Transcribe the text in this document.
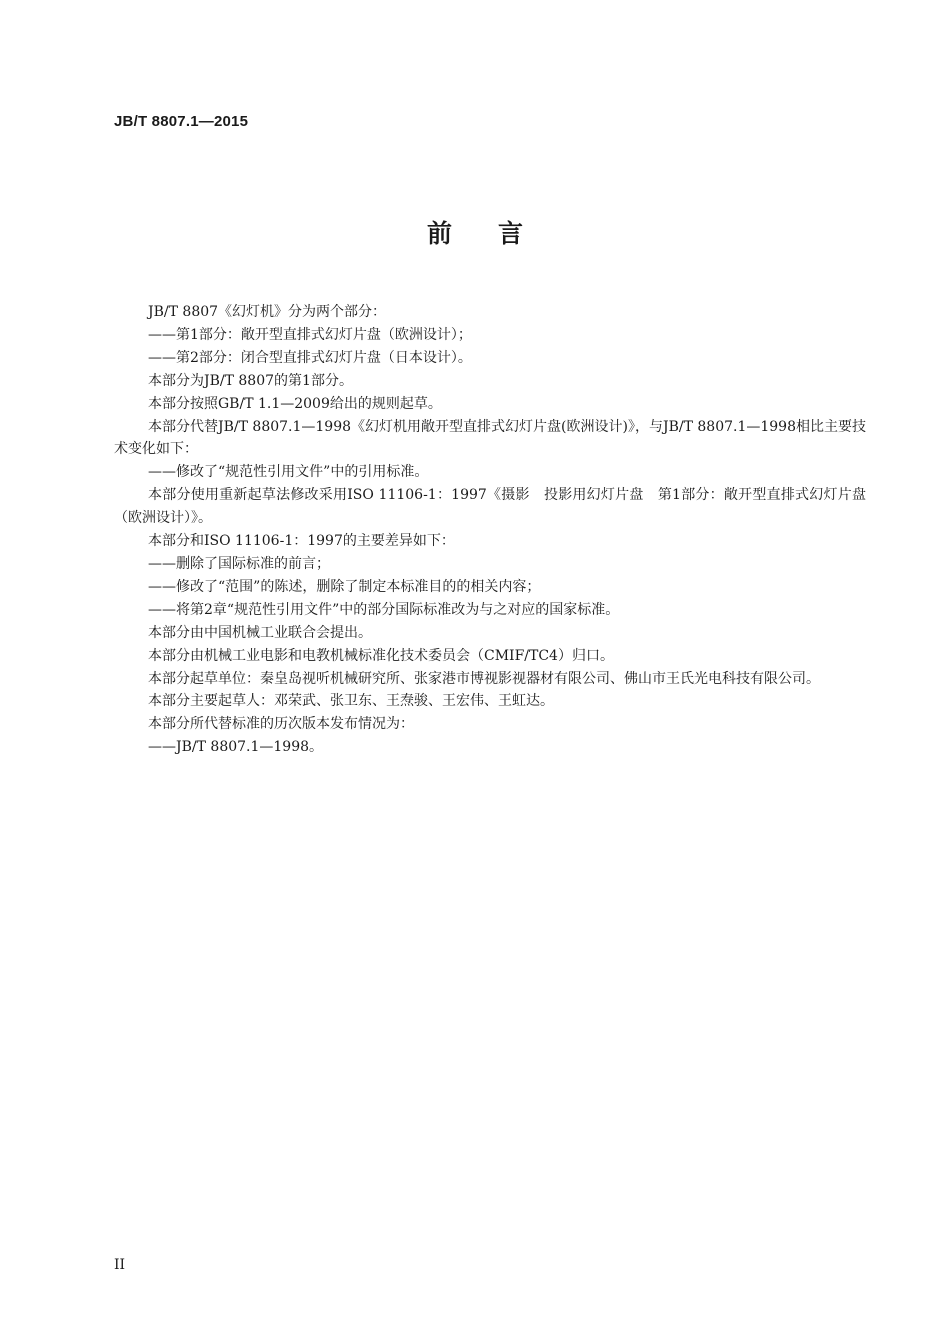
JB/T 8807.1—2015
前言

JB/T 8807《幻灯机》分为两个部分：

——第1部分：敞开型直排式幻灯片盘（欧洲设计）；

——第2部分：闭合型直排式幻灯片盘（日本设计）。

本部分为JB/T 8807的第1部分。

本部分按照GB/T 1.1—2009给出的规则起草。

本部分代替JB/T 8807.1—1998《幻灯机用敞开型直排式幻灯片盘(欧洲设计)》，与JB/T 8807.1—1998相比主要技术变化如下：

——修改了“规范性引用文件”中的引用标准。

本部分使用重新起草法修改采用ISO 11106-1：1997《摄影　投影用幻灯片盘　第1部分：敞开型直排式幻灯片盘（欧洲设计）》。

本部分和ISO 11106-1：1997的主要差异如下：

——删除了国际标准的前言；

——修改了“范围”的陈述，删除了制定本标准目的的相关内容；

——将第2章“规范性引用文件”中的部分国际标准改为与之对应的国家标准。

本部分由中国机械工业联合会提出。

本部分由机械工业电影和电教机械标准化技术委员会（CMIF/TC4）归口。

本部分起草单位：秦皇岛视听机械研究所、张家港市博视影视器材有限公司、佛山市王氏光电科技有限公司。

本部分主要起草人：邓荣武、张卫东、王焘骏、王宏伟、王虹达。

本部分所代替标准的历次版本发布情况为：

——JB/T 8807.1—1998。

II
